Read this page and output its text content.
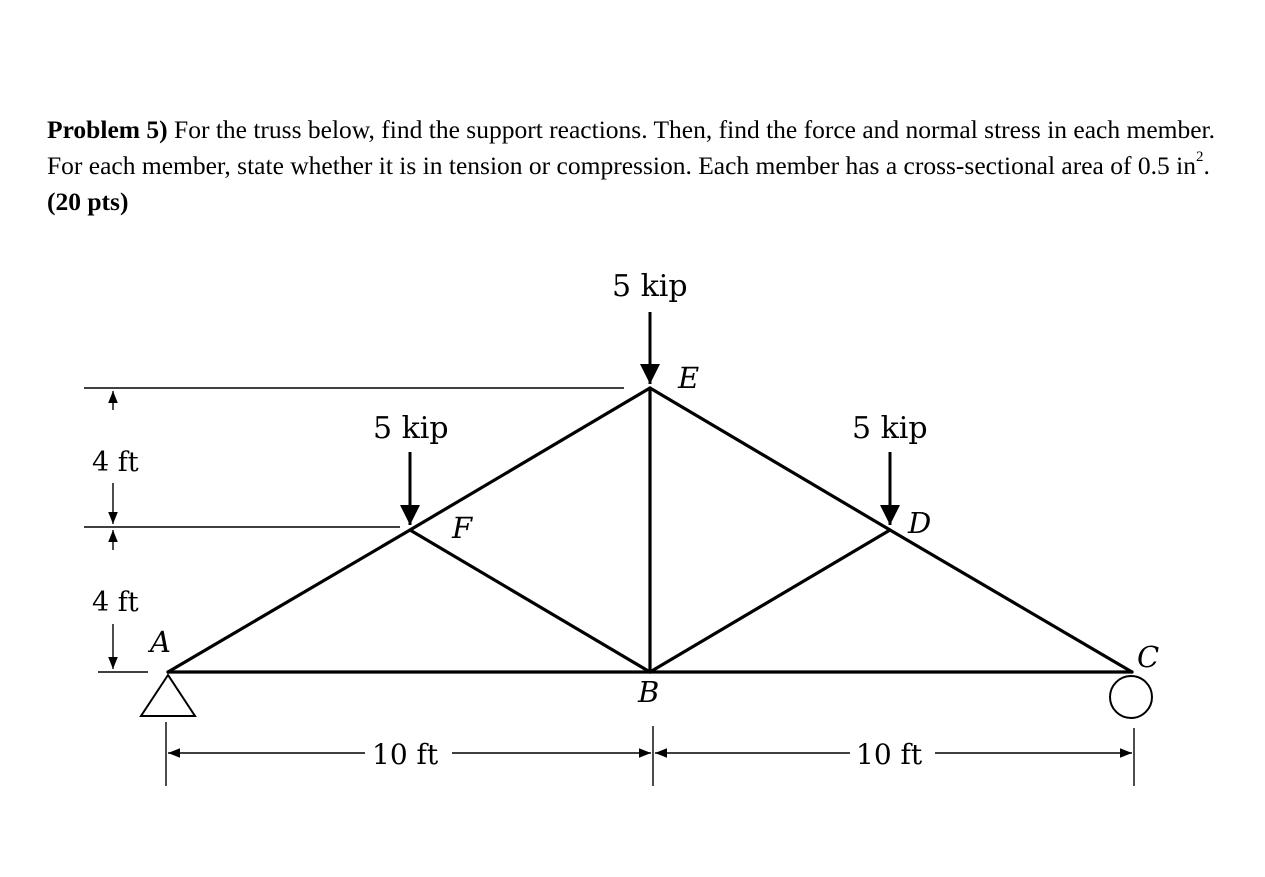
Problem 5) For the truss below, find the support reactions. Then, find the force and normal stress in each member. For each member, state whether it is in tension or compression. Each member has a cross-sectional area of 0.5 $in^2$. (20 pts)

5 kip
5 kip	5 kip
A
B
C
D
E
F
4 ft
4 ft
10 ft	10 ft
